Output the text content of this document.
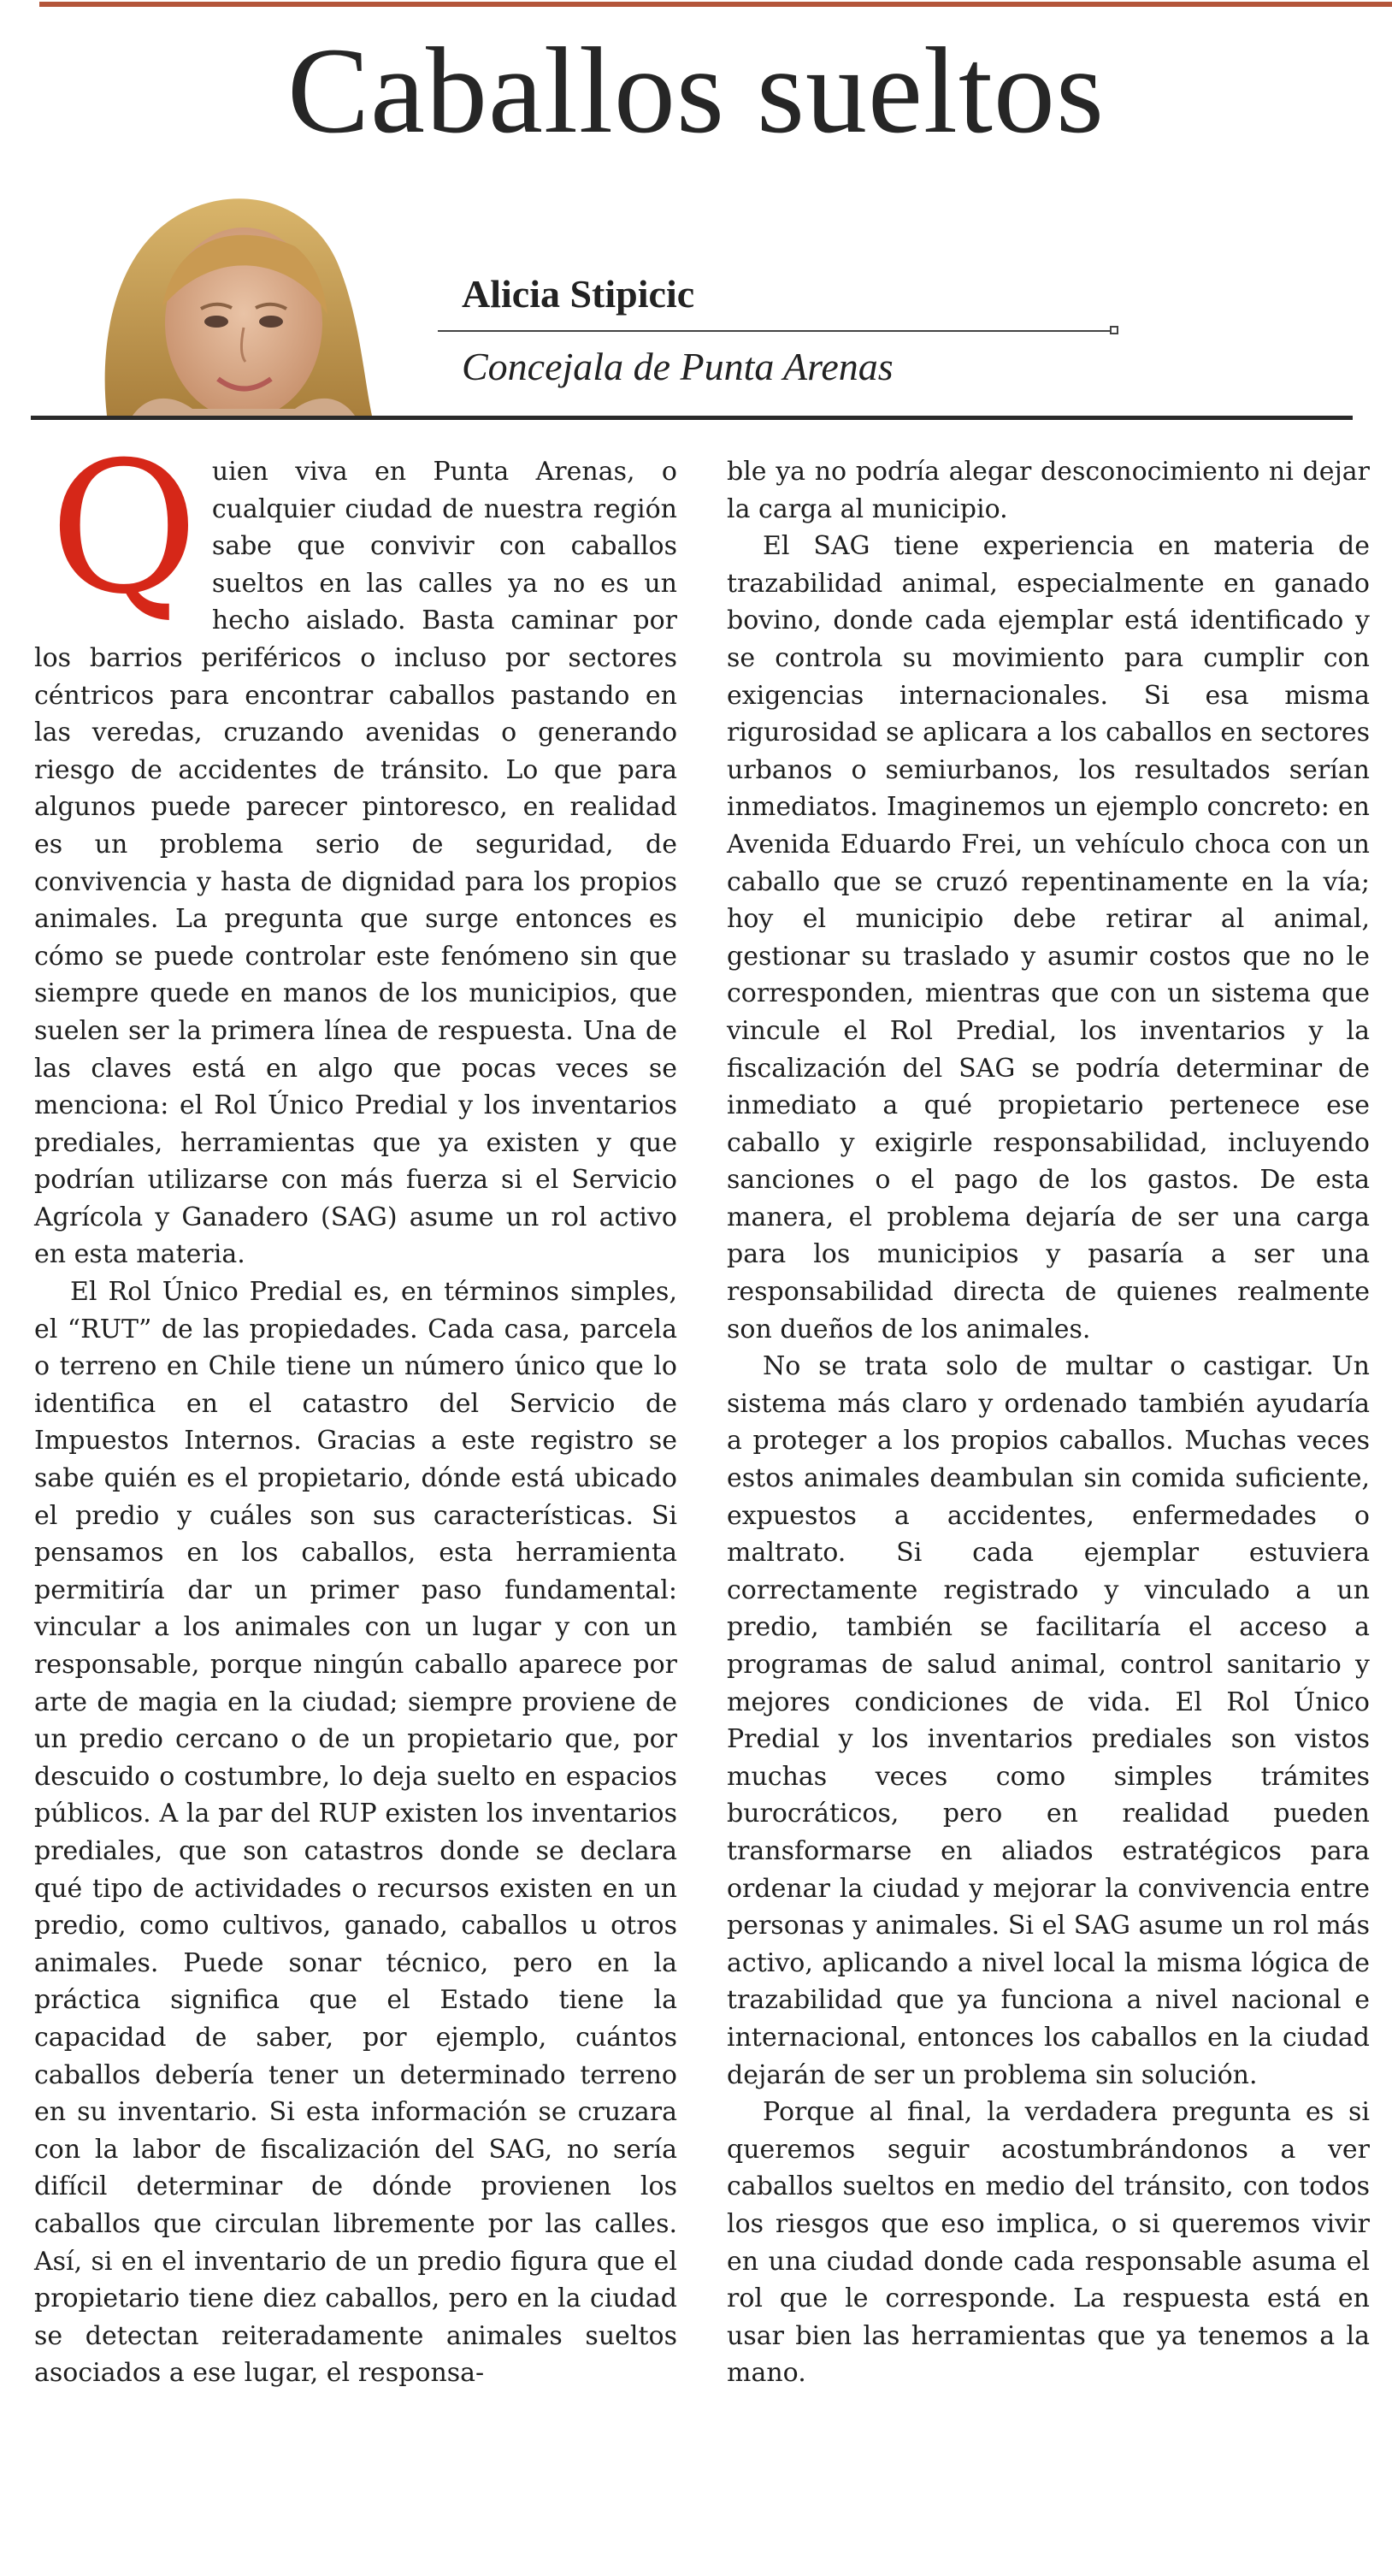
Caballos sueltos

Alicia Stipicic

Concejala de Punta Arenas

Quien viva en Punta Arenas, o cualquier ciudad de nuestra región sabe que convivir con caballos sueltos en las calles ya no es un hecho aislado. Basta caminar por los barrios periféricos o incluso por sectores céntricos para encontrar caballos pastando en las veredas, cruzando avenidas o generando riesgo de accidentes de tránsito. Lo que para algunos puede parecer pintoresco, en realidad es un problema serio de seguridad, de convivencia y hasta de dignidad para los propios animales. La pregunta que surge entonces es cómo se puede controlar este fenómeno sin que siempre quede en manos de los municipios, que suelen ser la primera línea de respuesta. Una de las claves está en algo que pocas veces se menciona: el Rol Único Predial y los inventarios prediales, herramientas que ya existen y que podrían utilizarse con más fuerza si el Servicio Agrícola y Ganadero (SAG) asume un rol activo en esta materia.

El Rol Único Predial es, en términos simples, el “RUT” de las propiedades. Cada casa, parcela o terreno en Chile tiene un número único que lo identifica en el catastro del Servicio de Impuestos Internos. Gracias a este registro se sabe quién es el propietario, dónde está ubicado el predio y cuáles son sus características. Si pensamos en los caballos, esta herramienta permitiría dar un primer paso fundamental: vincular a los animales con un lugar y con un responsable, porque ningún caballo aparece por arte de magia en la ciudad; siempre proviene de un predio cercano o de un propietario que, por descuido o costumbre, lo deja suelto en espacios públicos. A la par del RUP existen los inventarios prediales, que son catastros donde se declara qué tipo de actividades o recursos existen en un predio, como cultivos, ganado, caballos u otros animales. Puede sonar técnico, pero en la práctica significa que el Estado tiene la capacidad de saber, por ejemplo, cuántos caballos debería tener un determinado terreno en su inventario. Si esta información se cruzara con la labor de fiscalización del SAG, no sería difícil determinar de dónde provienen los caballos que circulan libremente por las calles. Así, si en el inventario de un predio figura que el propietario tiene diez caballos, pero en la ciudad se detectan reiteradamente animales sueltos asociados a ese lugar, el responsa-

ble ya no podría alegar desconocimiento ni dejar la carga al municipio.

El SAG tiene experiencia en materia de trazabilidad animal, especialmente en ganado bovino, donde cada ejemplar está identificado y se controla su movimiento para cumplir con exigencias internacionales. Si esa misma rigurosidad se aplicara a los caballos en sectores urbanos o semiurbanos, los resultados serían inmediatos. Imaginemos un ejemplo concreto: en Avenida Eduardo Frei, un vehículo choca con un caballo que se cruzó repentinamente en la vía; hoy el municipio debe retirar al animal, gestionar su traslado y asumir costos que no le corresponden, mientras que con un sistema que vincule el Rol Predial, los inventarios y la fiscalización del SAG se podría determinar de inmediato a qué propietario pertenece ese caballo y exigirle responsabilidad, incluyendo sanciones o el pago de los gastos. De esta manera, el problema dejaría de ser una carga para los municipios y pasaría a ser una responsabilidad directa de quienes realmente son dueños de los animales.

No se trata solo de multar o castigar. Un sistema más claro y ordenado también ayudaría a proteger a los propios caballos. Muchas veces estos animales deambulan sin comida suficiente, expuestos a accidentes, enfermedades o maltrato. Si cada ejemplar estuviera correctamente registrado y vinculado a un predio, también se facilitaría el acceso a programas de salud animal, control sanitario y mejores condiciones de vida. El Rol Único Predial y los inventarios prediales son vistos muchas veces como simples trámites burocráticos, pero en realidad pueden transformarse en aliados estratégicos para ordenar la ciudad y mejorar la convivencia entre personas y animales. Si el SAG asume un rol más activo, aplicando a nivel local la misma lógica de trazabilidad que ya funciona a nivel nacional e internacional, entonces los caballos en la ciudad dejarán de ser un problema sin solución.

Porque al final, la verdadera pregunta es si queremos seguir acostumbrándonos a ver caballos sueltos en medio del tránsito, con todos los riesgos que eso implica, o si queremos vivir en una ciudad donde cada responsable asuma el rol que le corresponde. La respuesta está en usar bien las herramientas que ya tenemos a la mano.
